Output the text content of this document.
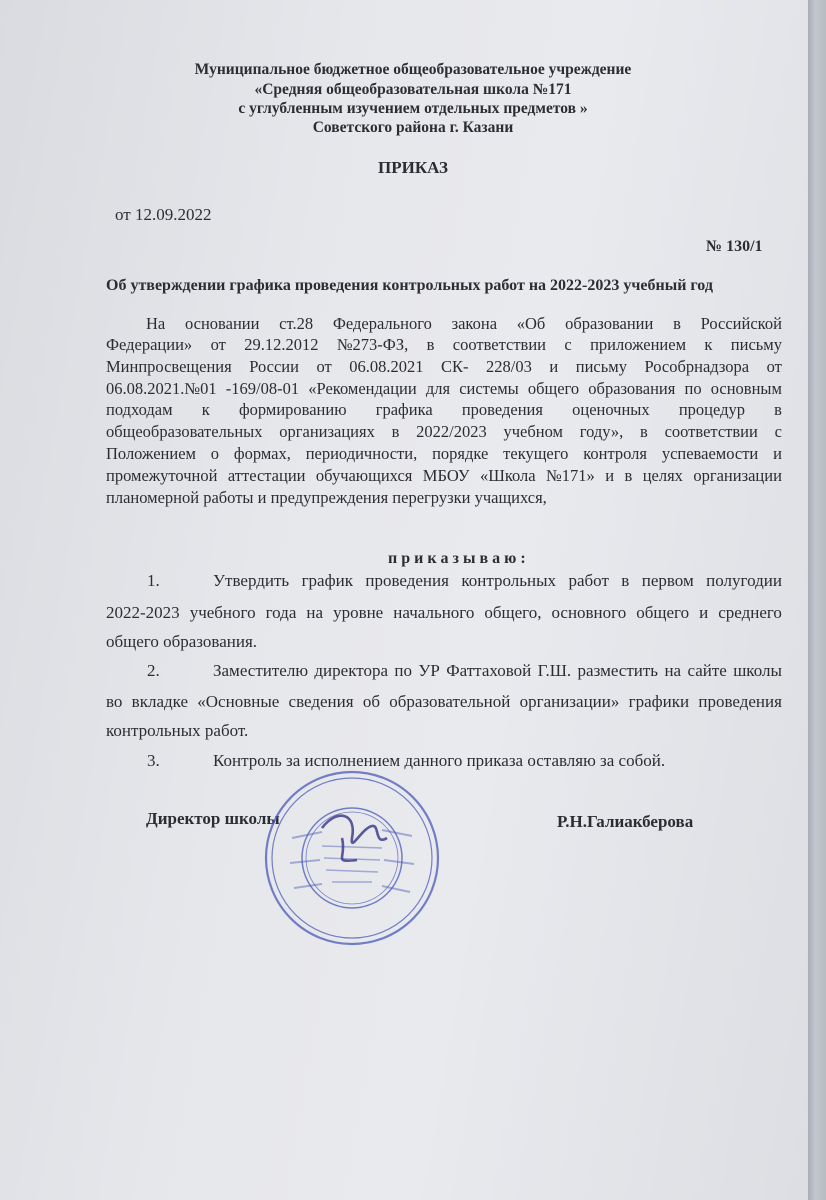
Муниципальное бюджетное общеобразовательное учреждение
«Средняя общеобразовательная школа №171
с углубленным изучением отдельных предметов »
Советского района г. Казани
ПРИКАЗ
от 12.09.2022
№ 130/1
Об утверждении графика проведения контрольных работ на 2022-2023 учебный год
На основании ст.28 Федерального закона «Об образовании в Российской
Федерации» от 29.12.2012 №273-ФЗ, в соответствии с приложением к письму
Минпросвещения России от 06.08.2021 СК- 228/03 и письму Рособрнадзора от
06.08.2021.№01 -169/08-01 «Рекомендации для системы общего образования по основным
подходам к формированию графика проведения оценочных процедур в
общеобразовательных организациях в 2022/2023 учебном году», в соответствии с
Положением о формах, периодичности, порядке текущего контроля успеваемости и
промежуточной аттестации обучающихся МБОУ «Школа №171» и в целях организации
планомерной работы и предупреждения перегрузки учащихся,
п р и к а з ы в а ю :
1.	Утвердить график проведения контрольных работ в первом полугодии
2022-2023 учебного года на уровне начального общего, основного общего и среднего
общего образования.
2.	Заместителю директора по УР Фаттаховой Г.Ш. разместить на сайте школы
во вкладке «Основные сведения об образовательной организации» графики проведения
контрольных работ.
3.	Контроль за исполнением данного приказа оставляю за собой.
Директор школы	Р.Н.Галиакберова
